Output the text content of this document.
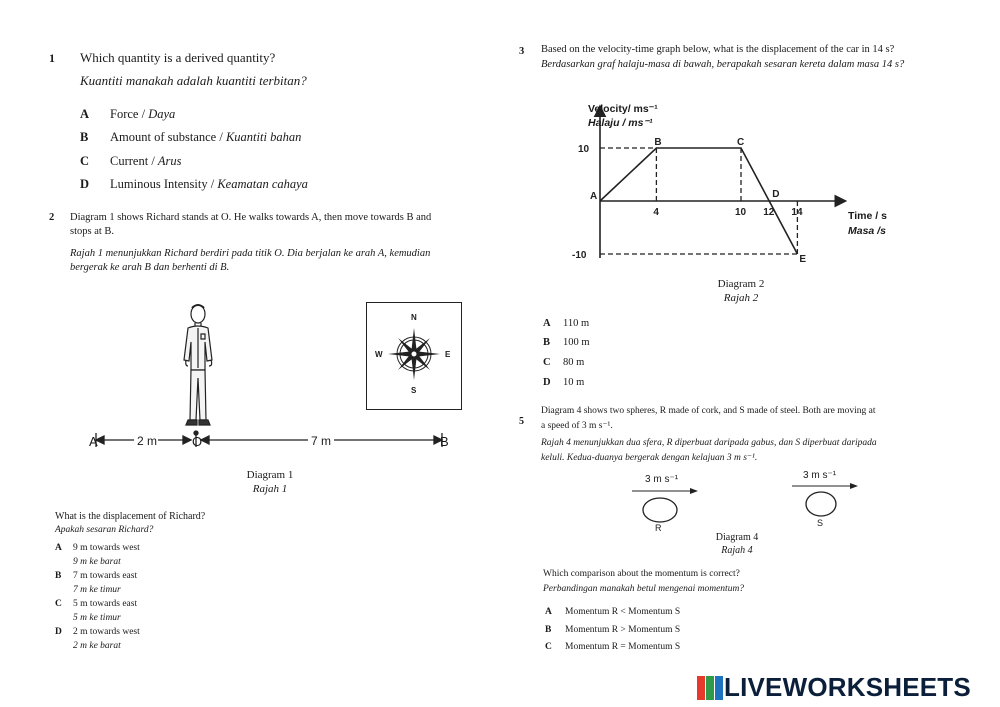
1 Which quantity is a derived quantity?
Kuantiti manakah adalah kuantiti terbitan?
A Force / Daya
B Amount of substance / Kuantiti bahan
C Current / Arus
D Luminous Intensity / Keamatan cahaya
2 Diagram 1 shows Richard stands at O. He walks towards A, then move towards B and
stops at B.
Rajah 1 menunjukkan Richard berdiri pada titik O. Dia berjalan ke arah A, kemudian
bergerak ke arah B dan berhenti di B.
A	2 m	O	7 m	B
N
S
W	E
Diagram 1
Rajah 1
What is the displacement of Richard?
Apakah sesaran Richard?
A 9 m towards west
9 m ke barat
B 7 m towards east
7 m ke timur
C 5 m towards east
5 m ke timur
D 2 m towards west
2 m ke barat
3 Based on the velocity-time graph below, what is the displacement of the car in 14 s?
Berdasarkan graf halaju-masa di bawah, berapakah sesaran kereta dalam masa 14 s?
A
B	C
D
E
10
-10
4	10 12 14
Velocity/ ms⁻¹
Halaju / ms⁻¹
Time / s
Masa /s
Diagram 2
Rajah 2
A 110 m
B 100 m
C 80 m
D 10 m
5
Diagram 4 shows two spheres, R made of cork, and S made of steel. Both are moving at
a speed of 3 m s⁻¹.
Rajah 4 menunjukkan dua sfera, R diperbuat daripada gabus, dan S diperbuat daripada
keluli. Kedua-duanya bergerak dengan kelajuan 3 m s⁻¹.
3 m s⁻¹
R
3 m s⁻¹
S
Diagram 4
Rajah 4
Which comparison about the momentum is correct?
Perbandingan manakah betul mengenai momentum?
A Momentum R < Momentum S
B Momentum R > Momentum S
C Momentum R = Momentum S
LIVEWORKSHEETS
